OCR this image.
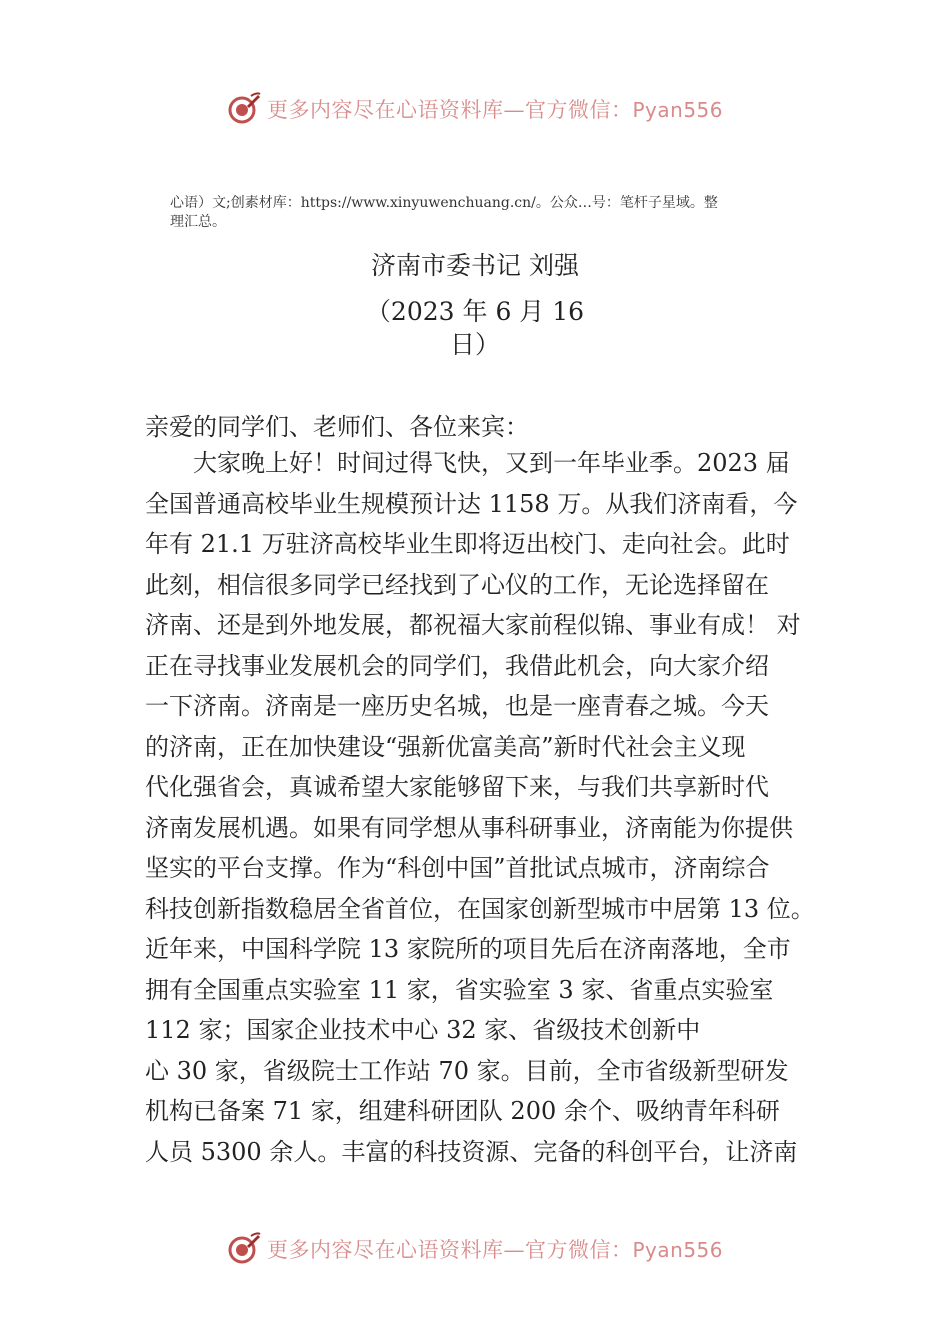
更多内容尽在心语资料库—官方微信：Pyan556
心语）文;创素材库：https://www.xinyuwenchuang.cn/。公众…号：笔杆子星域。整
理汇总。
济南市委书记 刘强
（2023 年 6 月 16
日）
亲爱的同学们、老师们、各位来宾：
大家晚上好！时间过得飞快，又到一年毕业季。2023 届
全国普通高校毕业生规模预计达 1158 万。从我们济南看，今
年有 21.1 万驻济高校毕业生即将迈出校门、走向社会。此时
此刻，相信很多同学已经找到了心仪的工作，无论选择留在
济南、还是到外地发展，都祝福大家前程似锦、事业有成！ 对
正在寻找事业发展机会的同学们，我借此机会，向大家介绍
一下济南。济南是一座历史名城，也是一座青春之城。今天
的济南，正在加快建设“强新优富美高”新时代社会主义现
代化强省会，真诚希望大家能够留下来，与我们共享新时代
济南发展机遇。如果有同学想从事科研事业，济南能为你提供
坚实的平台支撑。作为“科创中国”首批试点城市，济南综合
科技创新指数稳居全省首位，在国家创新型城市中居第 13 位。
近年来，中国科学院 13 家院所的项目先后在济南落地，全市
拥有全国重点实验室 11 家，省实验室 3 家、省重点实验室
112 家；国家企业技术中心 32 家、省级技术创新中
心 30 家，省级院士工作站 70 家。目前，全市省级新型研发
机构已备案 71 家，组建科研团队 200 余个、吸纳青年科研
人员 5300 余人。丰富的科技资源、完备的科创平台，让济南
更多内容尽在心语资料库—官方微信：Pyan556
